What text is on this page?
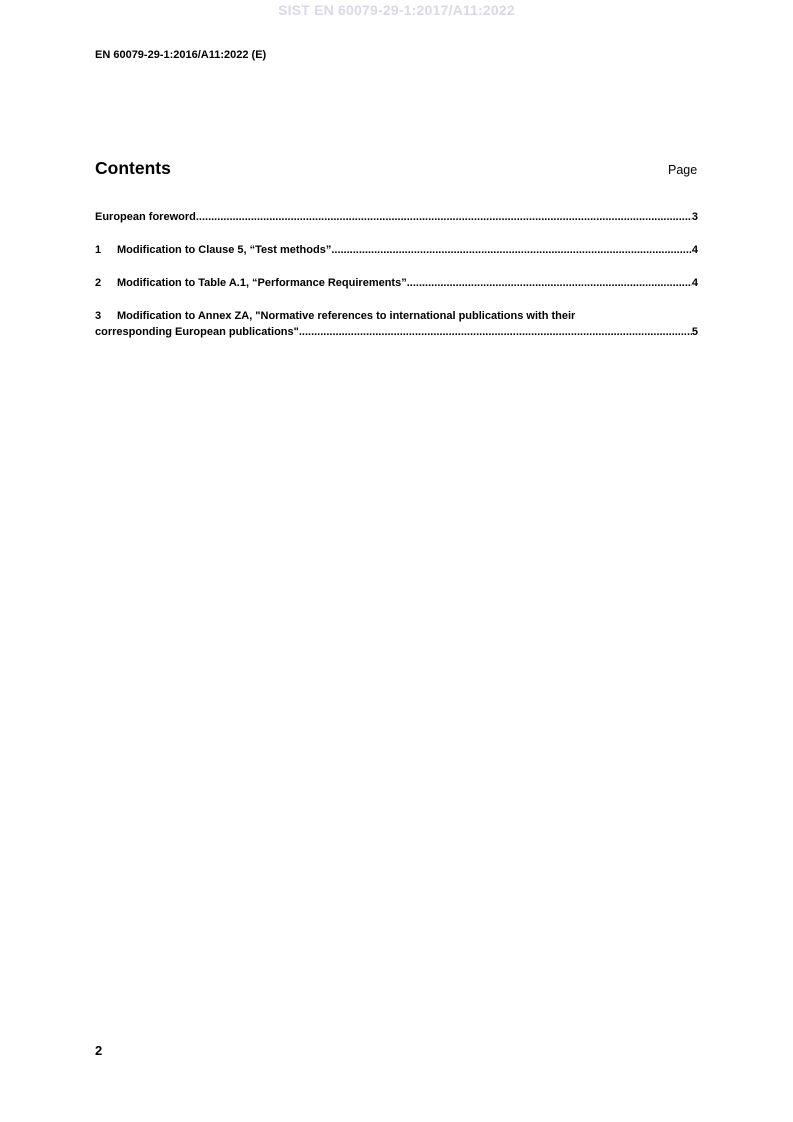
SIST EN 60079-29-1:2017/A11:2022
EN 60079-29-1:2016/A11:2022 (E)
Contents	Page
European foreword .....	3
1	Modification to Clause 5, “Test methods” .....	4
2	Modification to Table A.1, “Performance Requirements” .....	4
3 Modification to Annex ZA, "Normative references to international publications with their
corresponding European publications" .....	5
2
